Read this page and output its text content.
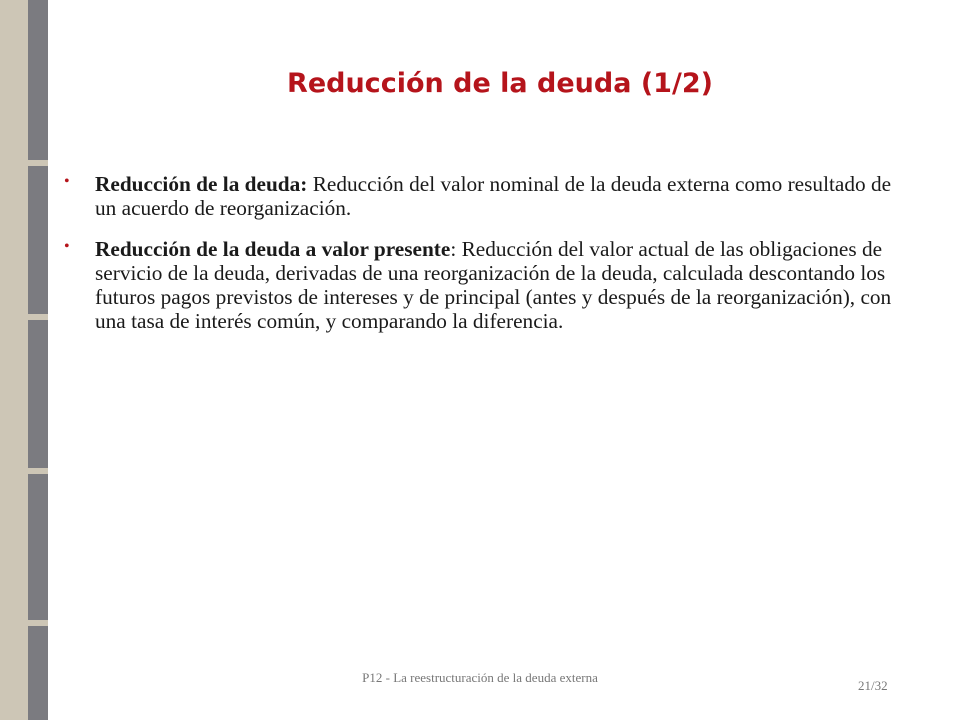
Reducción de la deuda (1/2)
• Reducción de la deuda: Reducción del valor nominal de la deuda externa como resultado de un acuerdo de reorganización.
• Reducción de la deuda a valor presente: Reducción del valor actual de las obligaciones de servicio de la deuda, derivadas de una reorganización de la deuda, calculada descontando los futuros pagos previstos de intereses y de principal (antes y después de la reorganización), con una tasa de interés común, y comparando la diferencia.
P12 - La reestructuración de la deuda externa
21/32
